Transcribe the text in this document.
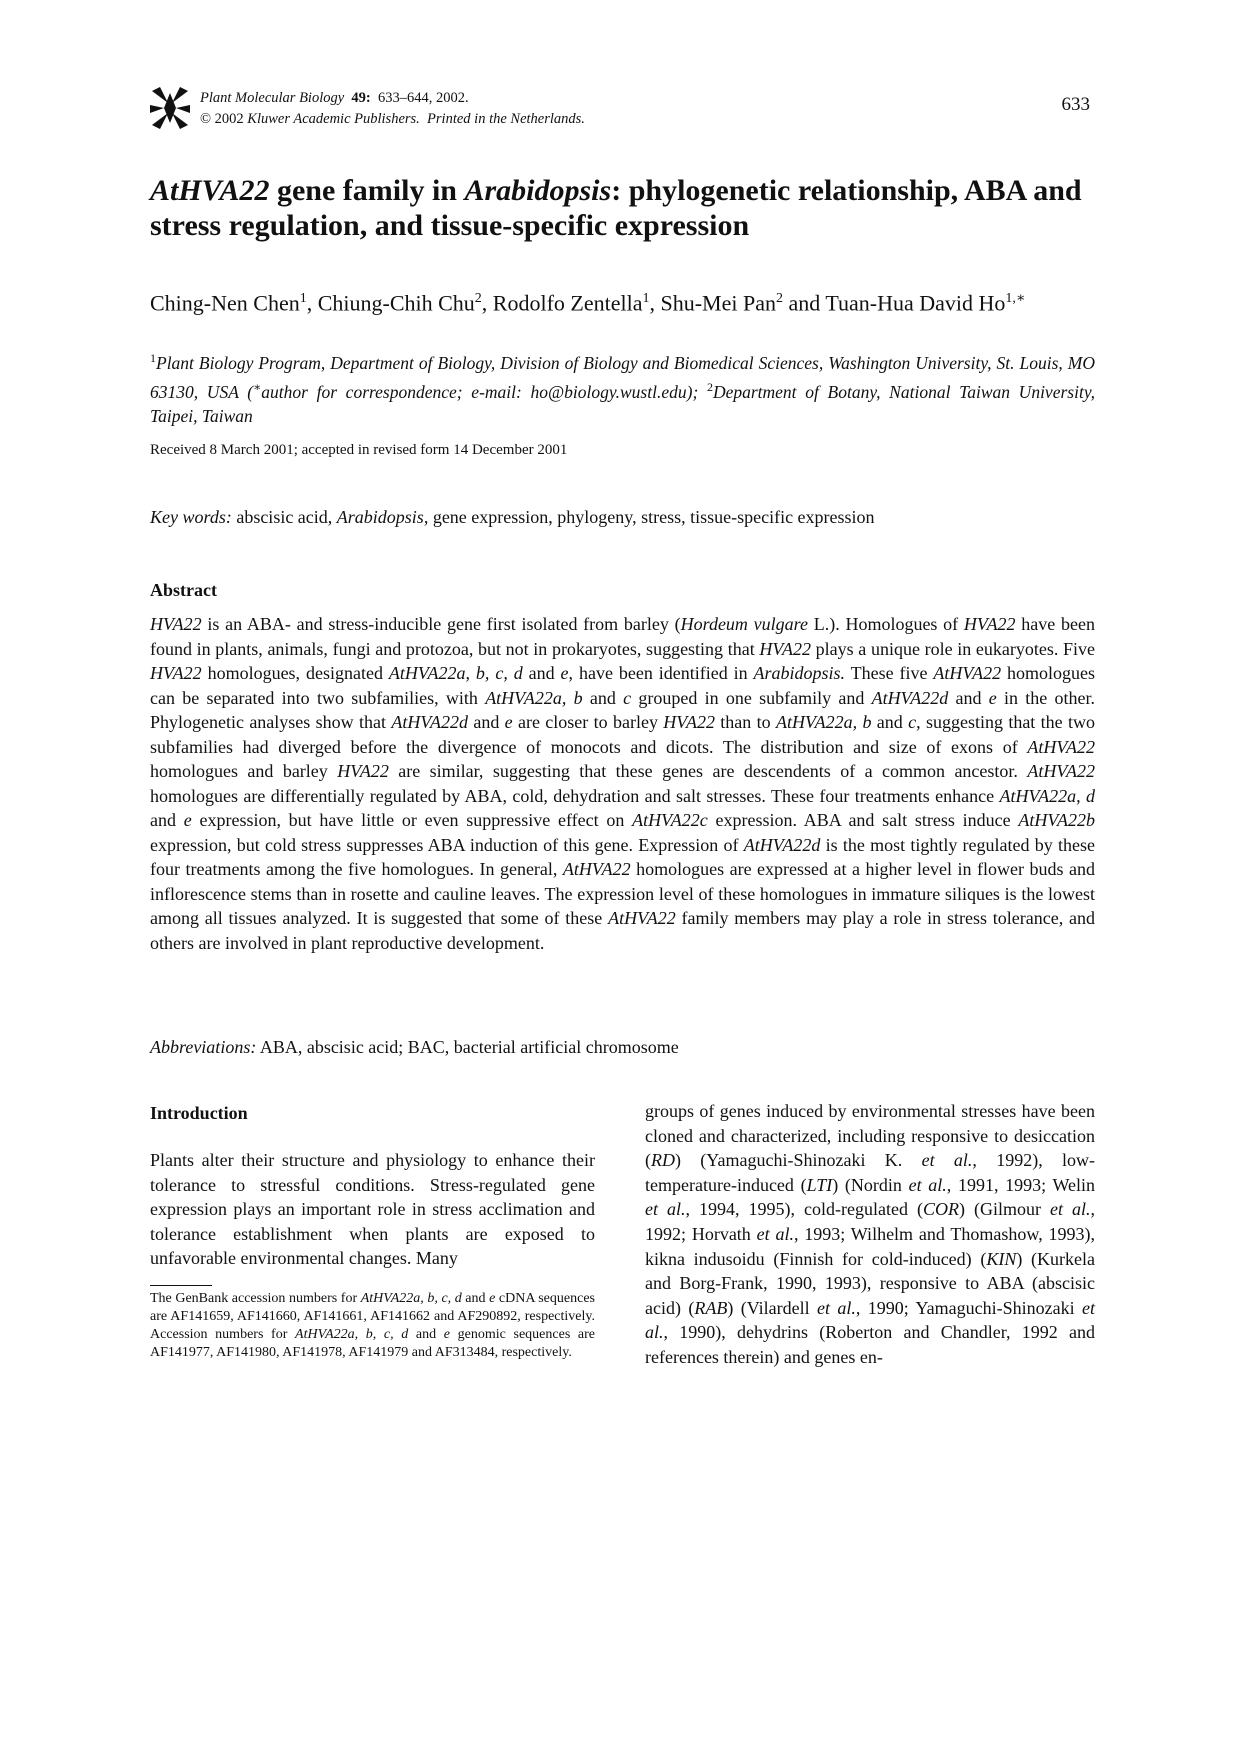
Plant Molecular Biology 49: 633–644, 2002.
© 2002 Kluwer Academic Publishers. Printed in the Netherlands.
633
AtHVA22 gene family in Arabidopsis: phylogenetic relationship, ABA and stress regulation, and tissue-specific expression
Ching-Nen Chen$^1$, Chiung-Chih Chu$^2$, Rodolfo Zentella$^1$, Shu-Mei Pan$^2$ and Tuan-Hua David $Ho^{1,∗}$
$^1$Plant Biology Program, Department of Biology, Division of Biology and Biomedical Sciences, Washington University, St. Louis, MO 63130, USA (∗author for correspondence; e-mail: ho@biology.wustl.edu); $^2$Department of Botany, National Taiwan University, Taipei, Taiwan
Received 8 March 2001; accepted in revised form 14 December 2001
Key words: abscisic acid, Arabidopsis, gene expression, phylogeny, stress, tissue-specific expression
Abstract
HVA22 is an ABA- and stress-inducible gene first isolated from barley (Hordeum vulgare L.). Homologues of HVA22 have been found in plants, animals, fungi and protozoa, but not in prokaryotes, suggesting that HVA22 plays a unique role in eukaryotes. Five HVA22 homologues, designated AtHVA22a, b, c, d and e, have been identified in Arabidopsis. These five AtHVA22 homologues can be separated into two subfamilies, with AtHVA22a, b and c grouped in one subfamily and AtHVA22d and e in the other. Phylogenetic analyses show that AtHVA22d and e are closer to barley HVA22 than to AtHVA22a, b and c, suggesting that the two subfamilies had diverged before the divergence of monocots and dicots. The distribution and size of exons of AtHVA22 homologues and barley HVA22 are similar, suggesting that these genes are descendents of a common ancestor. AtHVA22 homologues are differentially regulated by ABA, cold, dehydration and salt stresses. These four treatments enhance AtHVA22a, d and e expression, but have little or even suppressive effect on AtHVA22c expression. ABA and salt stress induce AtHVA22b expression, but cold stress suppresses ABA induction of this gene. Expression of AtHVA22d is the most tightly regulated by these four treatments among the five homologues. In general, AtHVA22 homologues are expressed at a higher level in flower buds and inflorescence stems than in rosette and cauline leaves. The expression level of these homologues in immature siliques is the lowest among all tissues analyzed. It is suggested that some of these AtHVA22 family members may play a role in stress tolerance, and others are involved in plant reproductive development.
Abbreviations: ABA, abscisic acid; BAC, bacterial artificial chromosome
Introduction
Plants alter their structure and physiology to enhance their tolerance to stressful conditions. Stress-regulated gene expression plays an important role in stress acclimation and tolerance establishment when plants are exposed to unfavorable environmental changes. Many
groups of genes induced by environmental stresses have been cloned and characterized, including responsive to desiccation (RD) (Yamaguchi-Shinozaki K. et al., 1992), low-temperature-induced (LTI) (Nordin et al., 1991, 1993; Welin et al., 1994, 1995), cold-regulated (COR) (Gilmour et al., 1992; Horvath et al., 1993; Wilhelm and Thomashow, 1993), kikna indusoidu (Finnish for cold-induced) (KIN) (Kurkela and Borg-Frank, 1990, 1993), responsive to ABA (abscisic acid) (RAB) (Vilardell et al., 1990; Yamaguchi-Shinozaki et al., 1990), dehydrins (Roberton and Chandler, 1992 and references therein) and genes en-
The GenBank accession numbers for AtHVA22a, b, c, d and e cDNA sequences are AF141659, AF141660, AF141661, AF141662 and AF290892, respectively. Accession numbers for AtHVA22a, b, c, d and e genomic sequences are AF141977, AF141980, AF141978, AF141979 and AF313484, respectively.
